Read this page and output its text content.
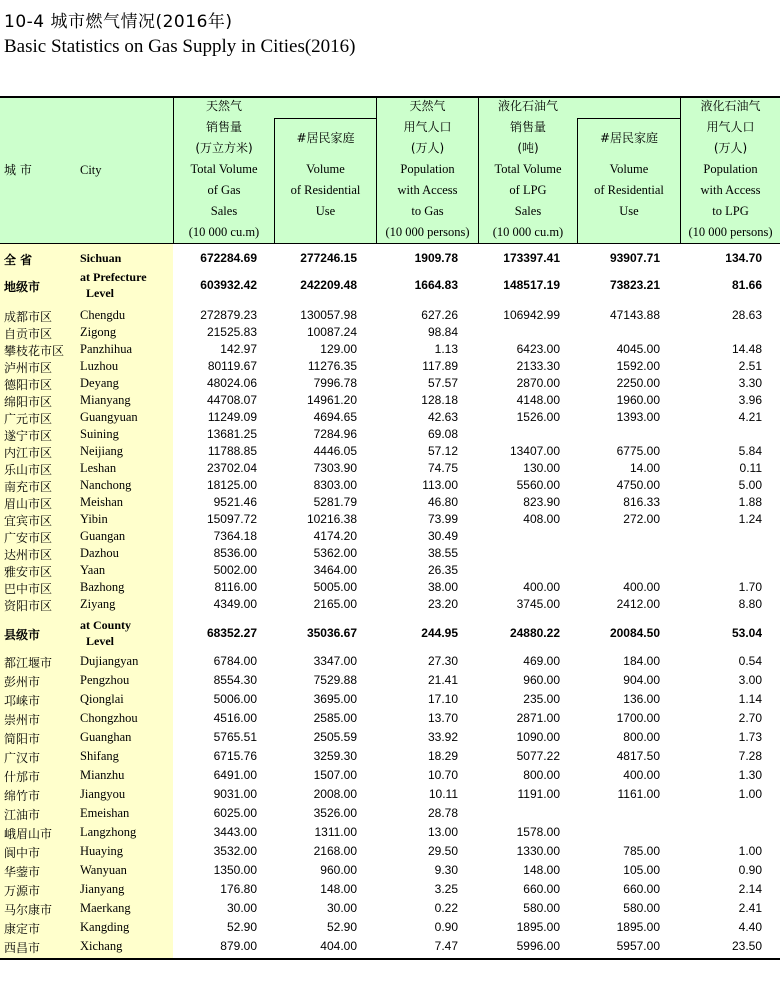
10-4 城市燃气情况(2016年)
Basic Statistics on Gas Supply in Cities(2016)
城 市	City
天然气
销售量
(万立方米)
Total Volume
of Gas
Sales
(10 000 cu.m)
#居民家庭
Volume
of Residential
Use
天然气
用气人口
(万人)
Population
with Access
to Gas
(10 000 persons)
液化石油气
销售量
(吨)
Total Volume
of LPG
Sales
(10 000 cu.m)
#居民家庭
Volume
of Residential
Use
液化石油气
用气人口
(万人)
Population
with Access
to LPG
(10 000 persons)
全 省	Sichuan	672284.69	277246.15	1909.78	173397.41	93907.71	134.70
地级市
at Prefecture
Level
603932.42	242209.48	1664.83	148517.19	73823.21	81.66
成都市区 Chengdu	272879.23	130057.98	627.26	106942.99	47143.88	28.63
自贡市区 Zigong	21525.83	10087.24	98.84
攀枝花市区 Panzhihua	142.97	129.00	1.13	6423.00	4045.00	14.48
泸州市区 Luzhou	80119.67	11276.35	117.89	2133.30	1592.00	2.51
德阳市区 Deyang	48024.06	7996.78	57.57	2870.00	2250.00	3.30
绵阳市区 Mianyang	44708.07	14961.20	128.18	4148.00	1960.00	3.96
广元市区 Guangyuan	11249.09	4694.65	42.63	1526.00	1393.00	4.21
遂宁市区 Suining	13681.25	7284.96	69.08
内江市区 Neijiang	11788.85	4446.05	57.12	13407.00	6775.00	5.84
乐山市区 Leshan	23702.04	7303.90	74.75	130.00	14.00	0.11
南充市区 Nanchong	18125.00	8303.00	113.00	5560.00	4750.00	5.00
眉山市区 Meishan	9521.46	5281.79	46.80	823.90	816.33	1.88
宜宾市区 Yibin	15097.72	10216.38	73.99	408.00	272.00	1.24
广安市区 Guangan	7364.18	4174.20	30.49
达州市区 Dazhou	8536.00	5362.00	38.55
雅安市区 Yaan	5002.00	3464.00	26.35
巴中市区 Bazhong	8116.00	5005.00	38.00	400.00	400.00	1.70
资阳市区 Ziyang	4349.00	2165.00	23.20	3745.00	2412.00	8.80
县级市
at County
Level
68352.27	35036.67	244.95	24880.22	20084.50	53.04
都江堰市 Dujiangyan	6784.00	3347.00	27.30	469.00	184.00	0.54
彭州市	Pengzhou	8554.30	7529.88	21.41	960.00	904.00	3.00
邛崃市	Qionglai	5006.00	3695.00	17.10	235.00	136.00	1.14
崇州市	Chongzhou	4516.00	2585.00	13.70	2871.00	1700.00	2.70
简阳市	Guanghan	5765.51	2505.59	33.92	1090.00	800.00	1.73
广汉市	Shifang	6715.76	3259.30	18.29	5077.22	4817.50	7.28
什邡市	Mianzhu	6491.00	1507.00	10.70	800.00	400.00	1.30
绵竹市	Jiangyou	9031.00	2008.00	10.11	1191.00	1161.00	1.00
江油市	Emeishan	6025.00	3526.00	28.78
峨眉山市 Langzhong	3443.00	1311.00	13.00	1578.00
阆中市	Huaying	3532.00	2168.00	29.50	1330.00	785.00	1.00
华蓥市	Wanyuan	1350.00	960.00	9.30	148.00	105.00	0.90
万源市	Jianyang	176.80	148.00	3.25	660.00	660.00	2.14
马尔康市 Maerkang	30.00	30.00	0.22	580.00	580.00	2.41
康定市	Kangding	52.90	52.90	0.90	1895.00	1895.00	4.40
西昌市	Xichang	879.00	404.00	7.47	5996.00	5957.00	23.50
